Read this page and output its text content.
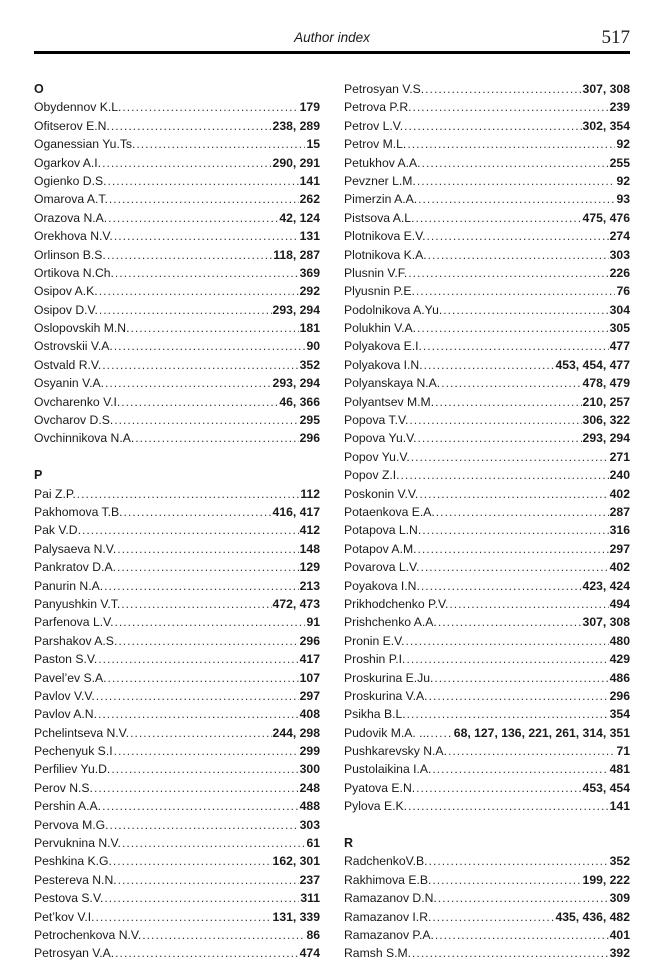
Author index	517
O
Obydennov K.L. .....	179
Ofitserov E.N. .....	238, 289
Oganessian Yu.Ts. .....	15
Ogarkov A.I. .....	290, 291
Ogienko D.S. .....	141
Omarova A.T. .....	262
Orazova N.A. .....	42, 124
Orekhova N.V. .....	131
Orlinson B.S. .....	118, 287
Ortikova N.Ch. .....	369
Osipov A.K. .....	292
Osipov D.V. .....	293, 294
Oslopovskih M.N. .....	181
Ostrovskii V.A. .....	90
Ostvald R.V. .....	352
Osyanin V.A. .....	293, 294
Ovcharenko V.I. .....	46, 366
Ovcharov D.S. .....	295
Ovchinnikova N.A. .....	296
P
Pai Z.P. .....	112
Pakhomova T.B. .....	416, 417
Pak V.D. .....	412
Palysaeva N.V. .....	148
Pankratov D.A. .....	129
Panurin N.A. .....	213
Panyushkin V.T. .....	472, 473
Parfenova L.V. .....	91
Parshakov A.S. .....	296
Paston S.V. .....	417
Pavel’ev S.A. .....	107
Pavlov V.V. .....	297
Pavlov A.N. .....	408
Pchelintseva N.V. .....	244, 298
Pechenyuk S.I .....	299
Perfiliev Yu.D. .....	300
Perov N.S. .....	248
Pershin A.A. .....	488
Pervova M.G. .....	303
Pervuknina N.V. .....	61
Peshkina K.G. .....	162, 301
Pestereva N.N. .....	237
Pestova S.V. .....	311
Pet’kov V.I. .....	131, 339
Petrochenkova N.V. .....	86
Petrosyan V.A. .....	474
Petrosyan V.S. .....	307, 308
Petrova P.R. .....	239
Petrov L.V. .....	302, 354
Petrov M.L. .....	92
Petukhov A.A. .....	255
Pevzner L.M. .....	92
Pimerzin A.A. .....	93
Pistsova A.L. .....	475, 476
Plotnikova E.V. .....	274
Plotnikova K.A. .....	303
Plusnin V.F. .....	226
Plyusnin P.E. .....	76
Podolnikova A.Yu. .....	304
Polukhin V.A. .....	305
Polyakova E.I. .....	477
Polyakova I.N. .....	453, 454, 477
Polyanskaya N.A. .....	478, 479
Polyantsev M.M. .....	210, 257
Popova T.V. .....	306, 322
Popova Yu.V. .....	293, 294
Popov Yu.V. .....	271
Popov Z.I. .....	240
Poskonin V.V. .....	402
Potaenkova E.A. .....	287
Potapova L.N. .....	316
Potapov A.M. .....	297
Povarova L.V. .....	402
Poyakova I.N. .....	423, 424
Prikhodchenko P.V. .....	494
Prishchenko A.A. .....	307, 308
Pronin E.V. .....	480
Proshin P.I. .....	429
Proskurina E.Ju. .....	486
Proskurina V.A. .....	296
Psikha B.L. .....	354
Pudovik M.A. ... ..... 68, 127, 136, 221, 261, 314, 351
Pushkarevsky N.A. .....	71
Pustolaikina I.A. .....	481
Pyatova E.N. .....	453, 454
Pylova E.K. .....	141
R
RadchenkoV.B. .....	352
Rakhimova E.B. .....	199, 222
Ramazanov D.N. .....	309
Ramazanov I.R. .....	435, 436, 482
Ramazanov P.A. .....	401
Ramsh S.M. .....	392
